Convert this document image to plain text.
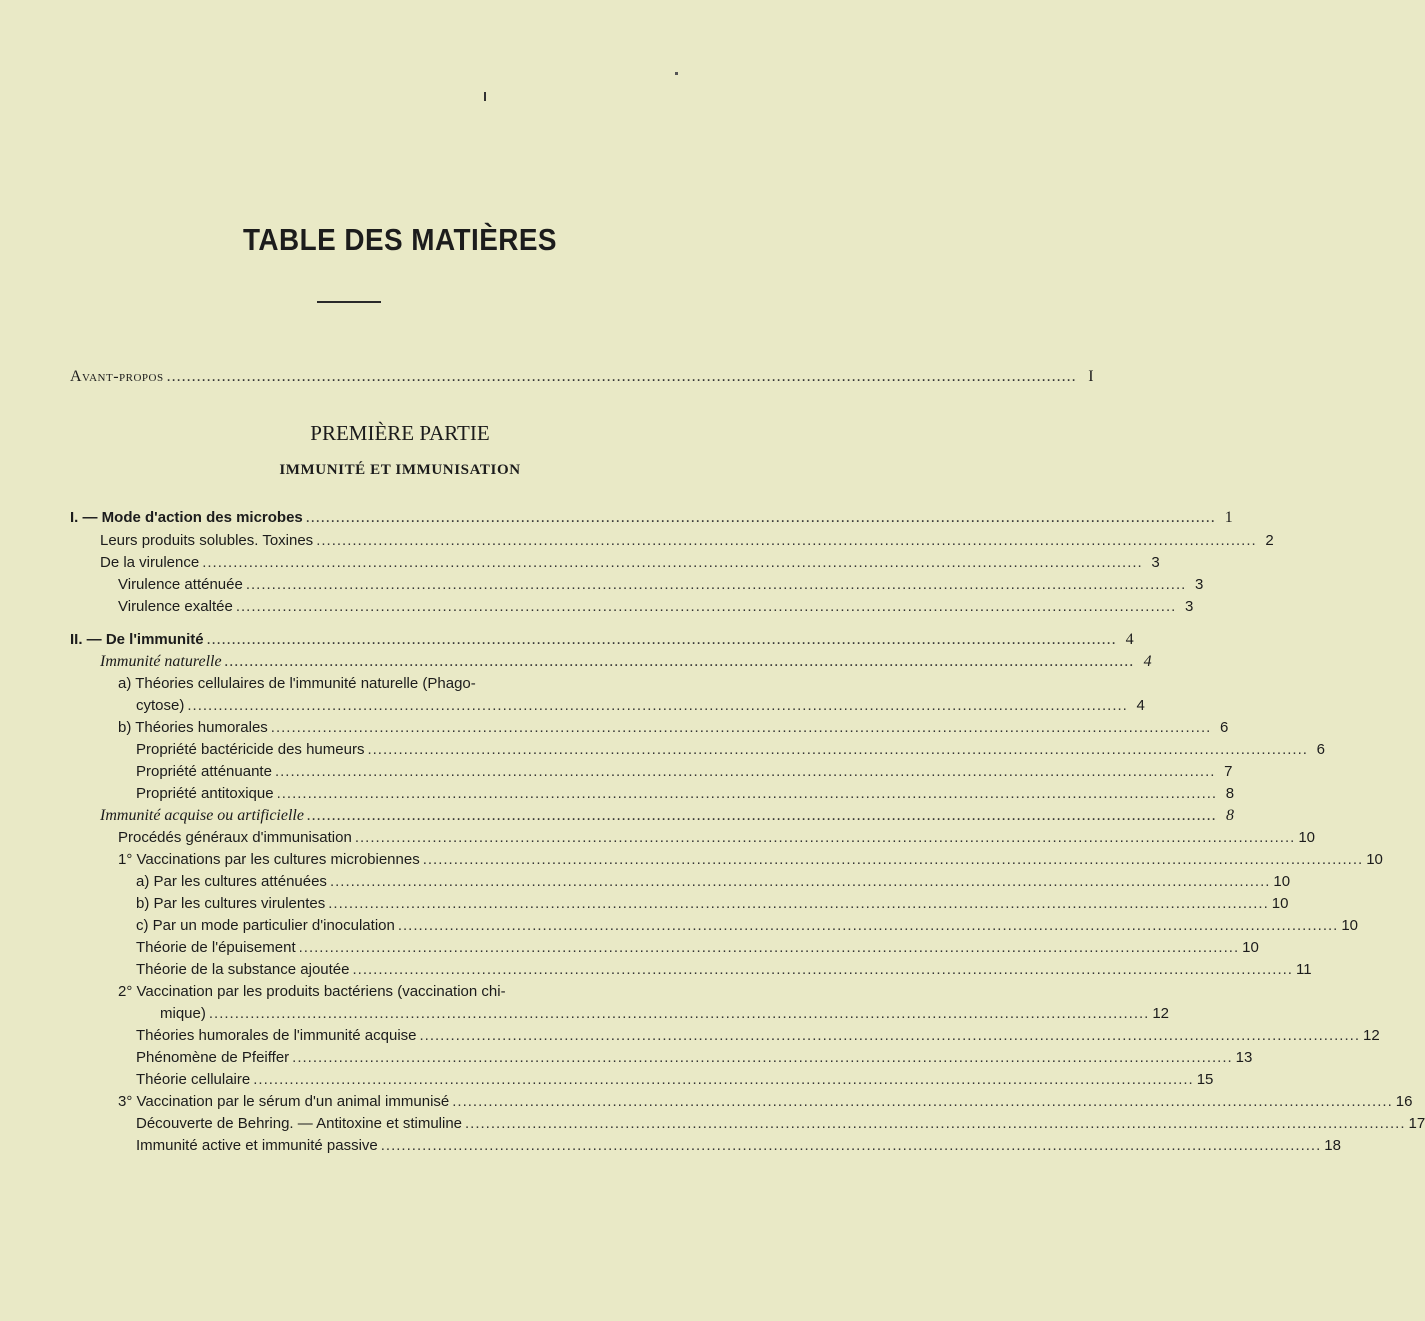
TABLE DES MATIÈRES
Avant-propos .....	I
PREMIÈRE PARTIE
IMMUNITÉ ET IMMUNISATION
I. — Mode d'action des microbes .....	1
Leurs produits solubles. Toxines .....	2
De la virulence .....	3
Virulence atténuée .....	3
Virulence exaltée .....	3
II. — De l'immunité .....	4
Immunité naturelle .....	4
a) Théories cellulaires de l'immunité naturelle (Phago-
cytose) .....	4
b) Théories humorales .....	6
Propriété bactéricide des humeurs .....	6
Propriété atténuante .....	7
Propriété antitoxique .....	8
Immunité acquise ou artificielle .....	8
Procédés généraux d'immunisation .....	10
1° Vaccinations par les cultures microbiennes .....	10
a) Par les cultures atténuées .....	10
b) Par les cultures virulentes .....	10
c) Par un mode particulier d'inoculation .....	10
Théorie de l'épuisement .....	10
Théorie de la substance ajoutée .....	11
2° Vaccination par les produits bactériens (vaccination chi-
mique) .....	12
Théories humorales de l'immunité acquise .....	12
Phénomène de Pfeiffer .....	13
Théorie cellulaire .....	15
3° Vaccination par le sérum d'un animal immunisé .....	16
Découverte de Behring. — Antitoxine et stimuline .....	17
Immunité active et immunité passive .....	18
